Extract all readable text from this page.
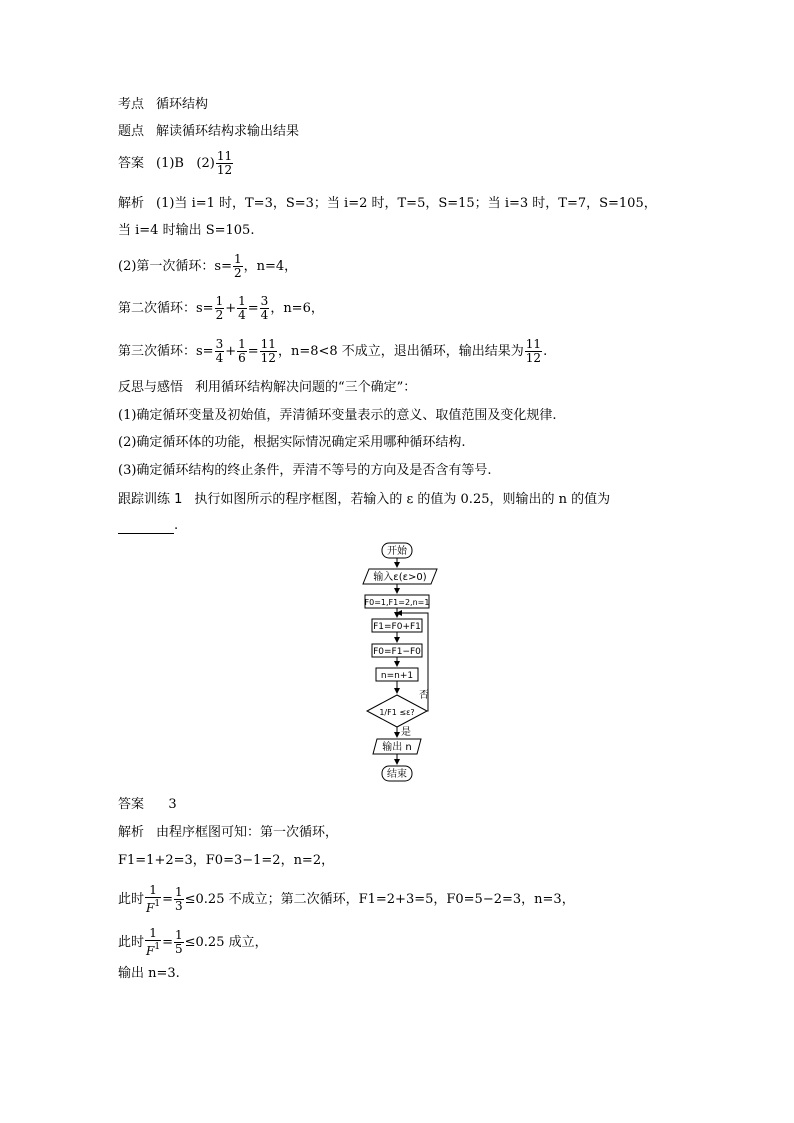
考点 循环结构
题点 解读循环结构求输出结果
答案 (1)B $(2) \frac{11}{12}$
解析 (1)当 i=1 时，T=3，S=3；当 i=2 时，T=5，S=15；当 i=3 时，T=7，S=105，
当 i=4 时输出 S=105.
(2)第一次循环：$s= \frac{1}{2}$ ，n=4，
第二次循环：$s= \frac{1}{2} + \frac{1}{4} = \frac{3}{4}$ ，n=6，
第三次循环：$s= \frac{3}{4} + \frac{1}{6} = \frac{11}{12}$ ，n=8<8 不成立，退出循环，输出结果为 $\frac{11}{12}$ .
反思与感悟 利用循环结构解决问题的“三个确定”：
(1)确定循环变量及初始值，弄清循环变量表示的意义、取值范围及变化规律.
(2)确定循环体的功能，根据实际情况确定采用哪种循环结构.
(3)确定循环结构的终止条件，弄清不等号的方向及是否含有等号.
跟踪训练 1 执行如图所示的程序框图，若输入的 ε 的值为 0.25，则输出的 n 的值为
.
开始
输入ε(ε>0)
F0=1,F1=2,n=1
F1=F0+F1
F0=F1−F0
n=n+1
1/F1 ≤ε?
否
是
输出 n
结束
答案 3
解析 由程序框图可知：第一次循环，
F1=1+2=3，F0=3−1=2，n=2，
此时 $\frac{1}{F^1} = \frac{1}{3} \le 0.25$ 不成立；第二次循环，F1=2+3=5，F0=5−2=3，n=3，
此时 $\frac{1}{F^1} = \frac{1}{5} \le 0.25$ 成立，
输出 n=3.
